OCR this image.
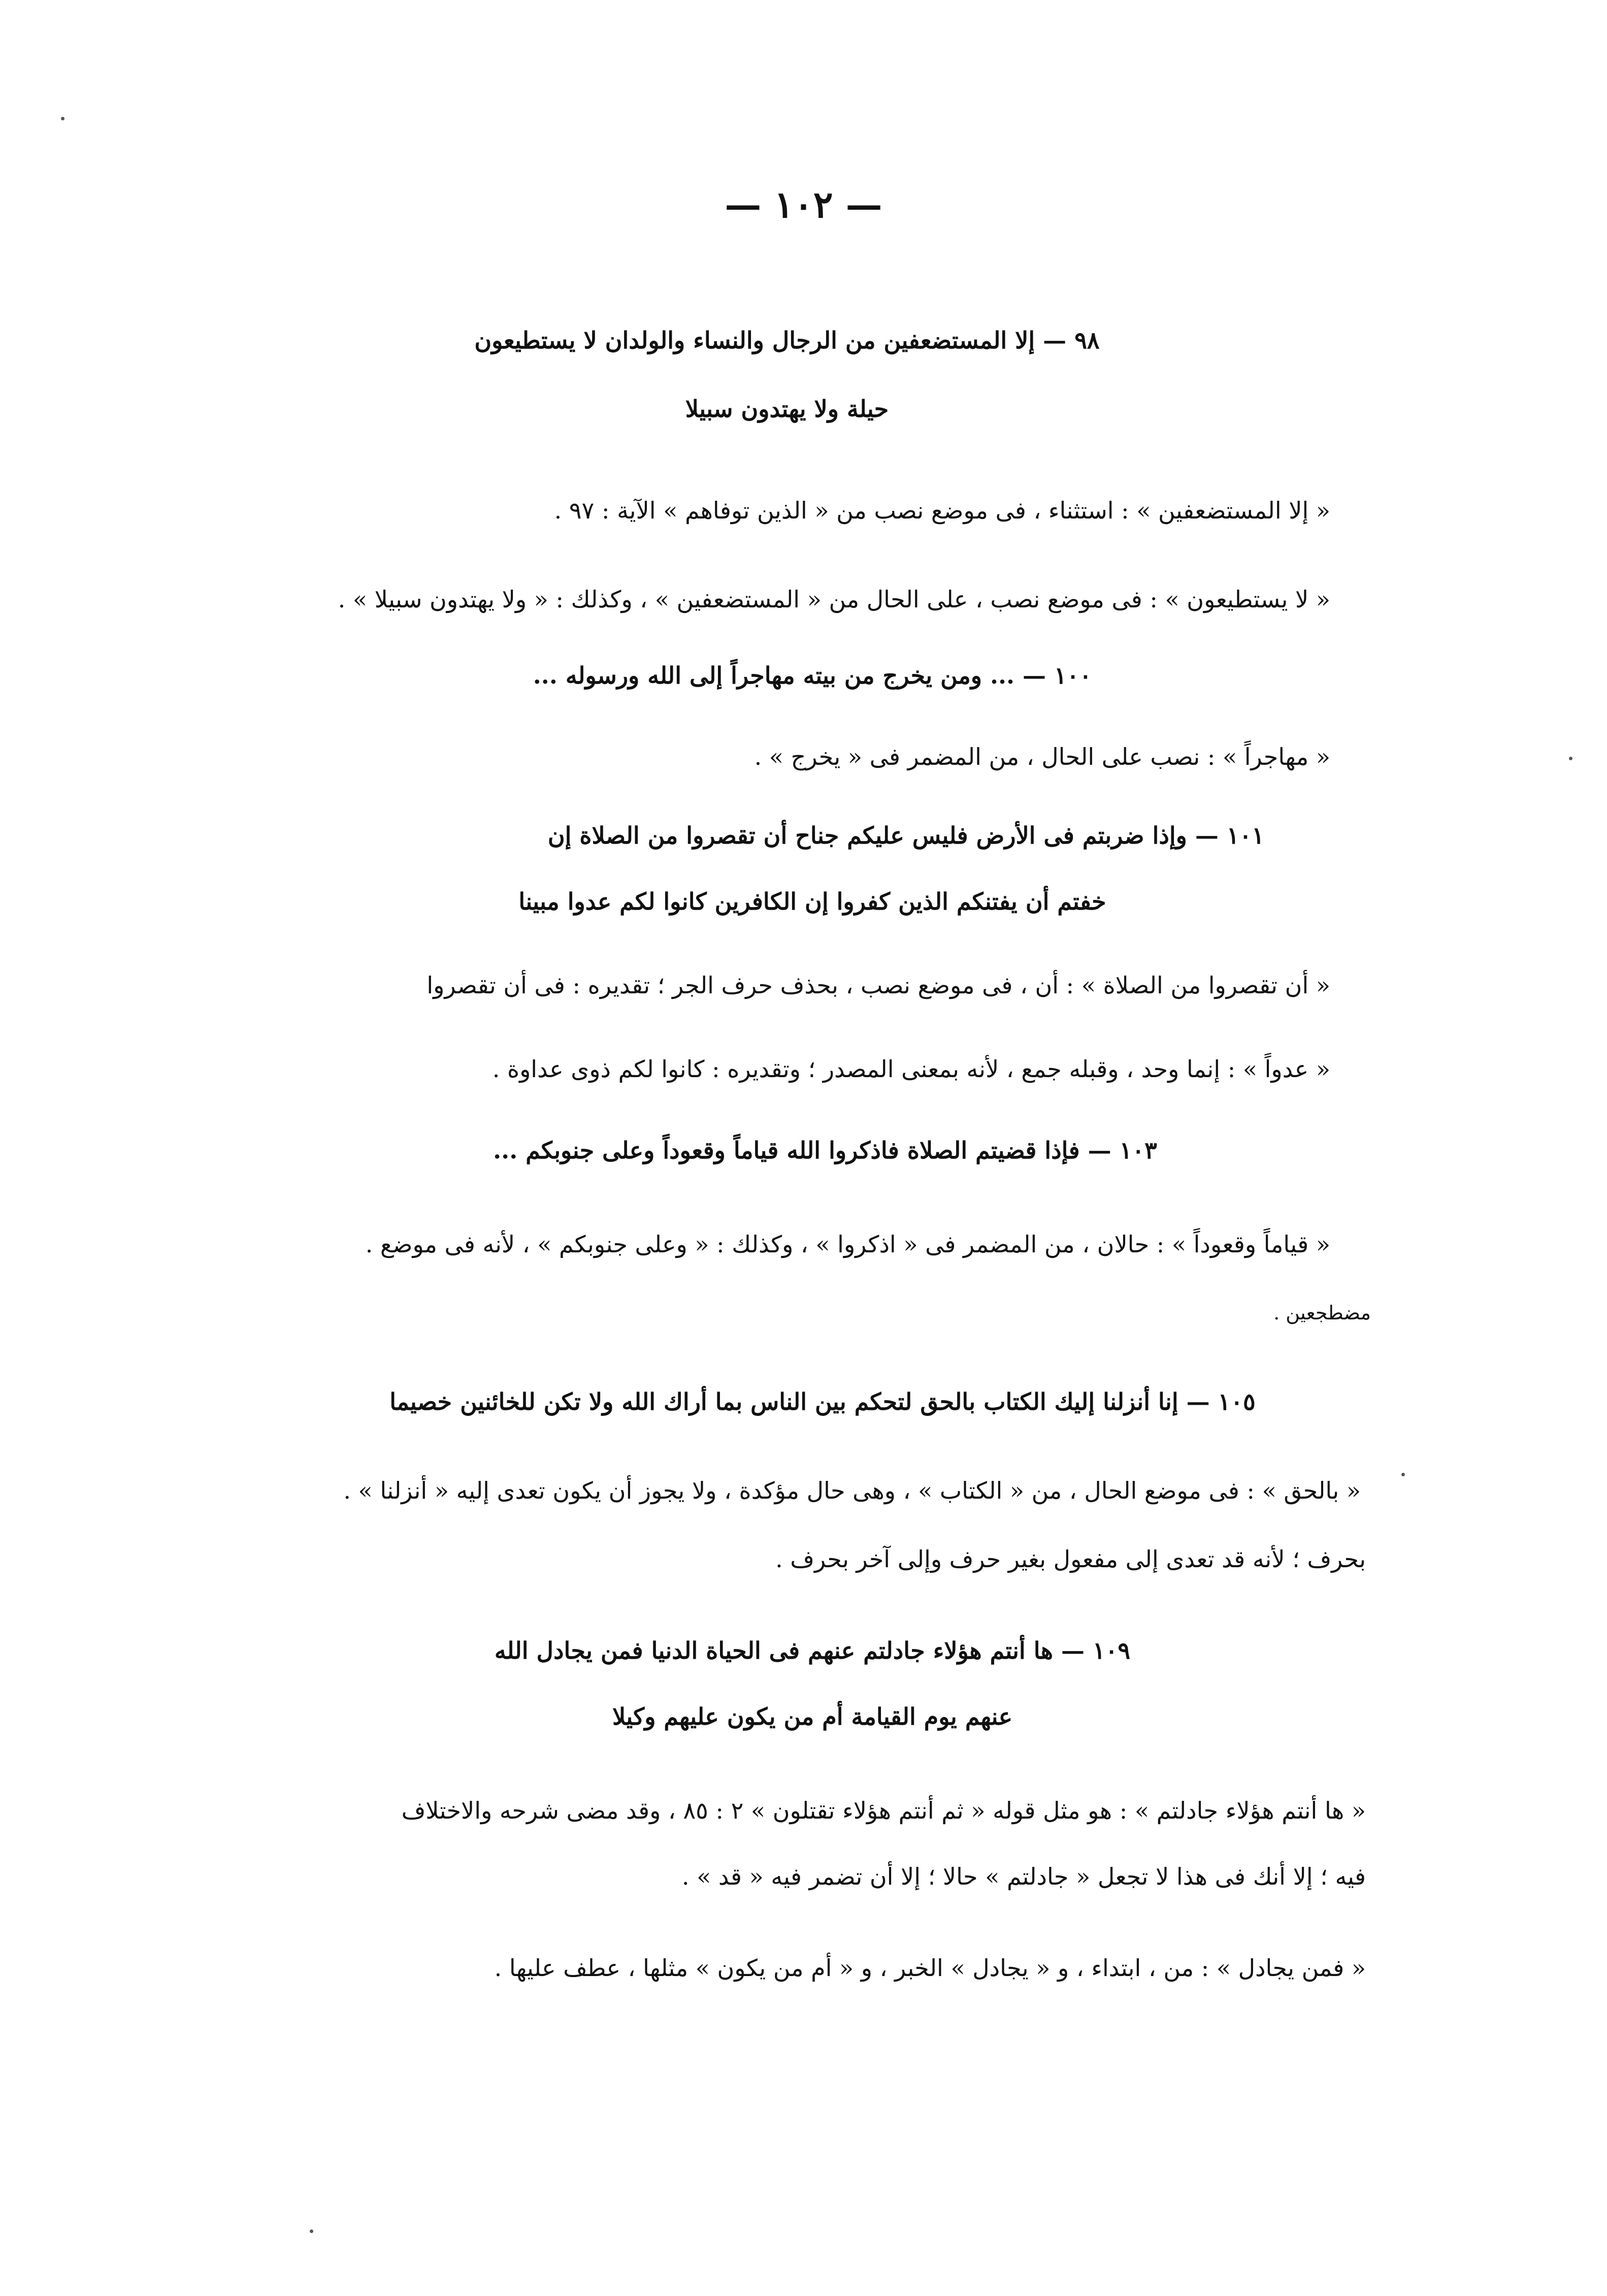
— ١٠٢ —
٩٨ — إلا المستضعفين من الرجال والنساء والولدان لا يستطيعون
حيلة ولا يهتدون سبيلا
« إلا المستضعفين » : استثناء ، فى موضع نصب من « الذين توفاهم » الآية : ٩٧ .
« لا يستطيعون » : فى موضع نصب ، على الحال من « المستضعفين » ، وكذلك : « ولا يهتدون سبيلا » .
١٠٠ — ... ومن يخرج من بيته مهاجراً إلى الله ورسوله ...
« مهاجراً » : نصب على الحال ، من المضمر فى « يخرج » .
١٠١ — وإذا ضربتم فى الأرض فليس عليكم جناح أن تقصروا من الصلاة إن
خفتم أن يفتنكم الذين كفروا إن الكافرين كانوا لكم عدوا مبينا
« أن تقصروا من الصلاة » : أن ، فى موضع نصب ، بحذف حرف الجر ؛ تقديره : فى أن تقصروا
« عدواً » : إنما وحد ، وقبله جمع ، لأنه بمعنى المصدر ؛ وتقديره : كانوا لكم ذوى عداوة .
١٠٣ — فإذا قضيتم الصلاة فاذكروا الله قياماً وقعوداً وعلى جنوبكم ...
« قياماً وقعوداً » : حالان ، من المضمر فى « اذكروا » ، وكذلك : « وعلى جنوبكم » ، لأنه فى موضع .
مضطجعين .
١٠٥ — إنا أنزلنا إليك الكتاب بالحق لتحكم بين الناس بما أراك الله ولا تكن للخائنين خصيما
« بالحق » : فى موضع الحال ، من « الكتاب » ، وهى حال مؤكدة ، ولا يجوز أن يكون تعدى إليه « أنزلنا » .
بحرف ؛ لأنه قد تعدى إلى مفعول بغير حرف وإلى آخر بحرف .
١٠٩ — ها أنتم هؤلاء جادلتم عنهم فى الحياة الدنيا فمن يجادل الله
عنهم يوم القيامة أم من يكون عليهم وكيلا
« ها أنتم هؤلاء جادلتم » : هو مثل قوله « ثم أنتم هؤلاء تقتلون » ٢ : ٨٥ ، وقد مضى شرحه والاختلاف
فيه ؛ إلا أنك فى هذا لا تجعل « جادلتم » حالا ؛ إلا أن تضمر فيه « قد » .
« فمن يجادل » : من ، ابتداء ، و « يجادل » الخبر ، و « أم من يكون » مثلها ، عطف عليها .
